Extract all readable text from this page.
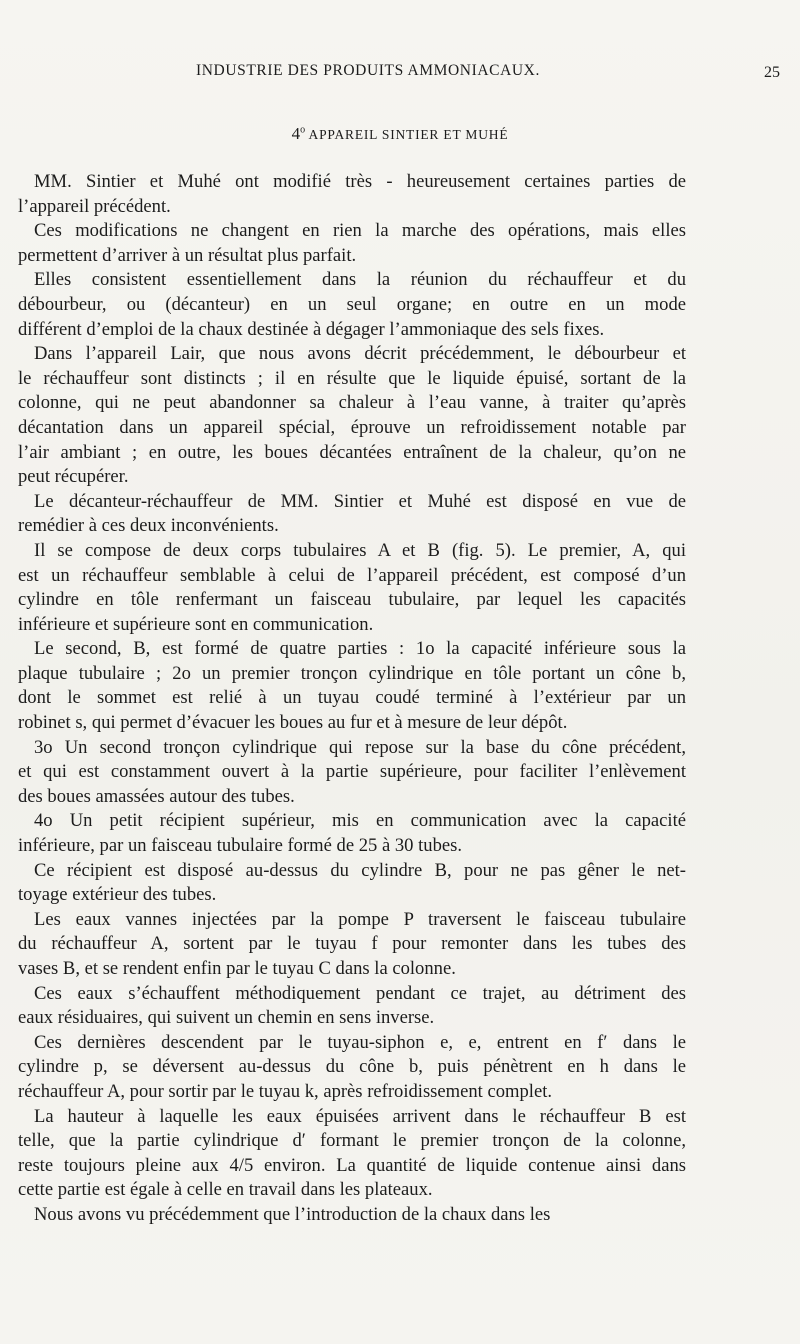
INDUSTRIE DES PRODUITS AMMONIACAUX.	25
4$^o$ APPAREIL SINTIER ET MUHÉ

MM. Sintier et Muhé ont modifié très - heureusement certaines parties de
l’appareil précédent.

Ces modifications ne changent en rien la marche des opérations, mais elles
permettent d’arriver à un résultat plus parfait.

Elles consistent essentiellement dans la réunion du réchauffeur et du
débourbeur, ou (décanteur) en un seul organe; en outre en un mode
différent d’emploi de la chaux destinée à dégager l’ammoniaque des sels fixes.

Dans l’appareil Lair, que nous avons décrit précédemment, le débourbeur et
le réchauffeur sont distincts ; il en résulte que le liquide épuisé, sortant de la
colonne, qui ne peut abandonner sa chaleur à l’eau vanne, à traiter qu’après
décantation dans un appareil spécial, éprouve un refroidissement notable par
l’air ambiant ; en outre, les boues décantées entraînent de la chaleur, qu’on ne
peut récupérer.

Le décanteur-réchauffeur de MM. Sintier et Muhé est disposé en vue de
remédier à ces deux inconvénients.

Il se compose de deux corps tubulaires A et B (fig. 5). Le premier, A, qui
est un réchauffeur semblable à celui de l’appareil précédent, est composé d’un
cylindre en tôle renfermant un faisceau tubulaire, par lequel les capacités
inférieure et supérieure sont en communication.

Le second, B, est formé de quatre parties : 1o la capacité inférieure sous la
plaque tubulaire ; 2o un premier tronçon cylindrique en tôle portant un cône b,
dont le sommet est relié à un tuyau coudé terminé à l’extérieur par un
robinet s, qui permet d’évacuer les boues au fur et à mesure de leur dépôt.

3o Un second tronçon cylindrique qui repose sur la base du cône précédent,
et qui est constamment ouvert à la partie supérieure, pour faciliter l’enlèvement
des boues amassées autour des tubes.

4o Un petit récipient supérieur, mis en communication avec la capacité
inférieure, par un faisceau tubulaire formé de 25 à 30 tubes.

Ce récipient est disposé au-dessus du cylindre B, pour ne pas gêner le net-
toyage extérieur des tubes.

Les eaux vannes injectées par la pompe P traversent le faisceau tubulaire
du réchauffeur A, sortent par le tuyau f pour remonter dans les tubes des
vases B, et se rendent enfin par le tuyau C dans la colonne.

Ces eaux s’échauffent méthodiquement pendant ce trajet, au détriment des
eaux résiduaires, qui suivent un chemin en sens inverse.

Ces dernières descendent par le tuyau-siphon e, e, entrent en f′ dans le
cylindre p, se déversent au-dessus du cône b, puis pénètrent en h dans le
réchauffeur A, pour sortir par le tuyau k, après refroidissement complet.

La hauteur à laquelle les eaux épuisées arrivent dans le réchauffeur B est
telle, que la partie cylindrique d′ formant le premier tronçon de la colonne,
reste toujours pleine aux 4/5 environ. La quantité de liquide contenue ainsi dans
cette partie est égale à celle en travail dans les plateaux.

Nous avons vu précédemment que l’introduction de la chaux dans les
